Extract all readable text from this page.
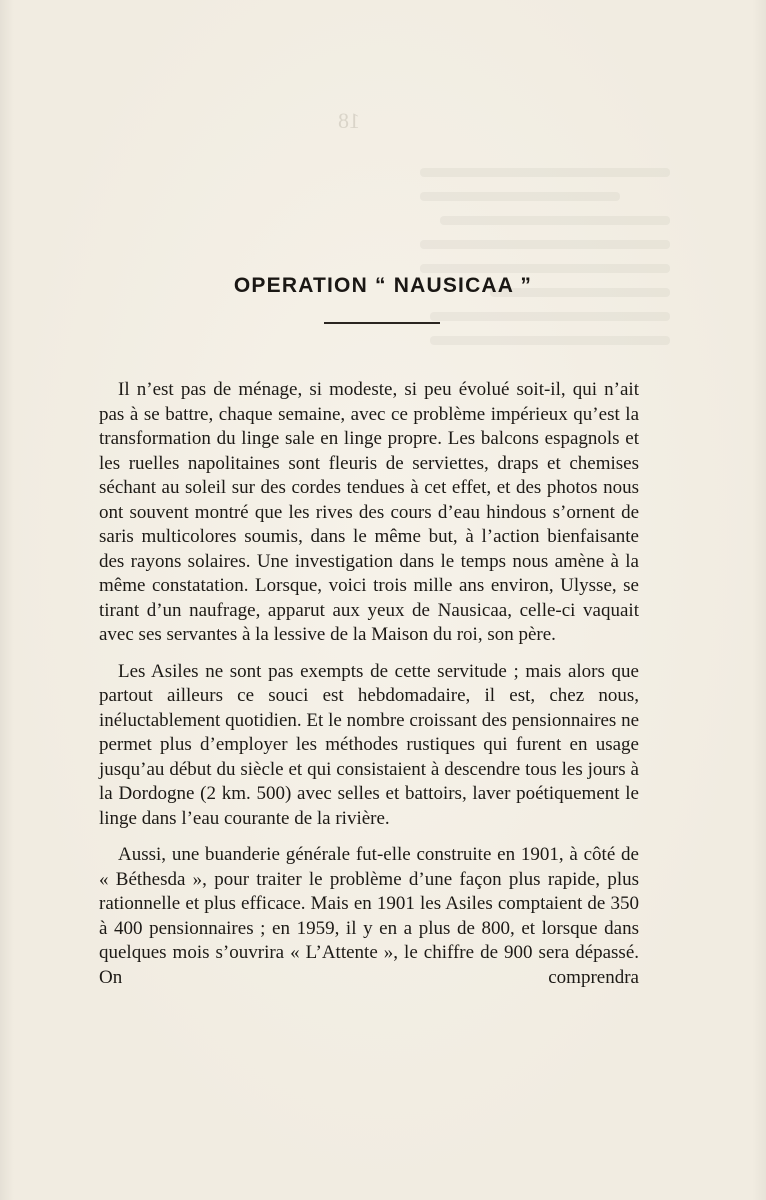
18
OPERATION “ NAUSICAA ”

Il n’est pas de ménage, si modeste, si peu évolué soit-il, qui n’ait pas à se battre, chaque semaine, avec ce problème impérieux qu’est la transformation du linge sale en linge propre. Les balcons espagnols et les ruelles napolitaines sont fleuris de serviettes, draps et chemises séchant au soleil sur des cordes tendues à cet effet, et des photos nous ont souvent montré que les rives des cours d’eau hindous s’ornent de saris multicolores soumis, dans le même but, à l’action bienfaisante des rayons solaires. Une investigation dans le temps nous amène à la même constatation. Lorsque, voici trois mille ans environ, Ulysse, se tirant d’un naufrage, apparut aux yeux de Nausicaa, celle-ci vaquait avec ses servantes à la lessive de la Maison du roi, son père.

Les Asiles ne sont pas exempts de cette servitude ; mais alors que partout ailleurs ce souci est hebdomadaire, il est, chez nous, inéluctablement quotidien. Et le nombre croissant des pensionnaires ne permet plus d’employer les méthodes rustiques qui furent en usage jusqu’au début du siècle et qui consistaient à descendre tous les jours à la Dordogne (2 km. 500) avec selles et battoirs, laver poétiquement le linge dans l’eau courante de la rivière.

Aussi, une buanderie générale fut-elle construite en 1901, à côté de « Béthesda », pour traiter le problème d’une façon plus rapide, plus rationnelle et plus efficace. Mais en 1901 les Asiles comptaient de 350 à 400 pensionnaires ; en 1959, il y en a plus de 800, et lorsque dans quelques mois s’ouvrira « L’Attente », le chiffre de 900 sera dépassé. On comprendra
